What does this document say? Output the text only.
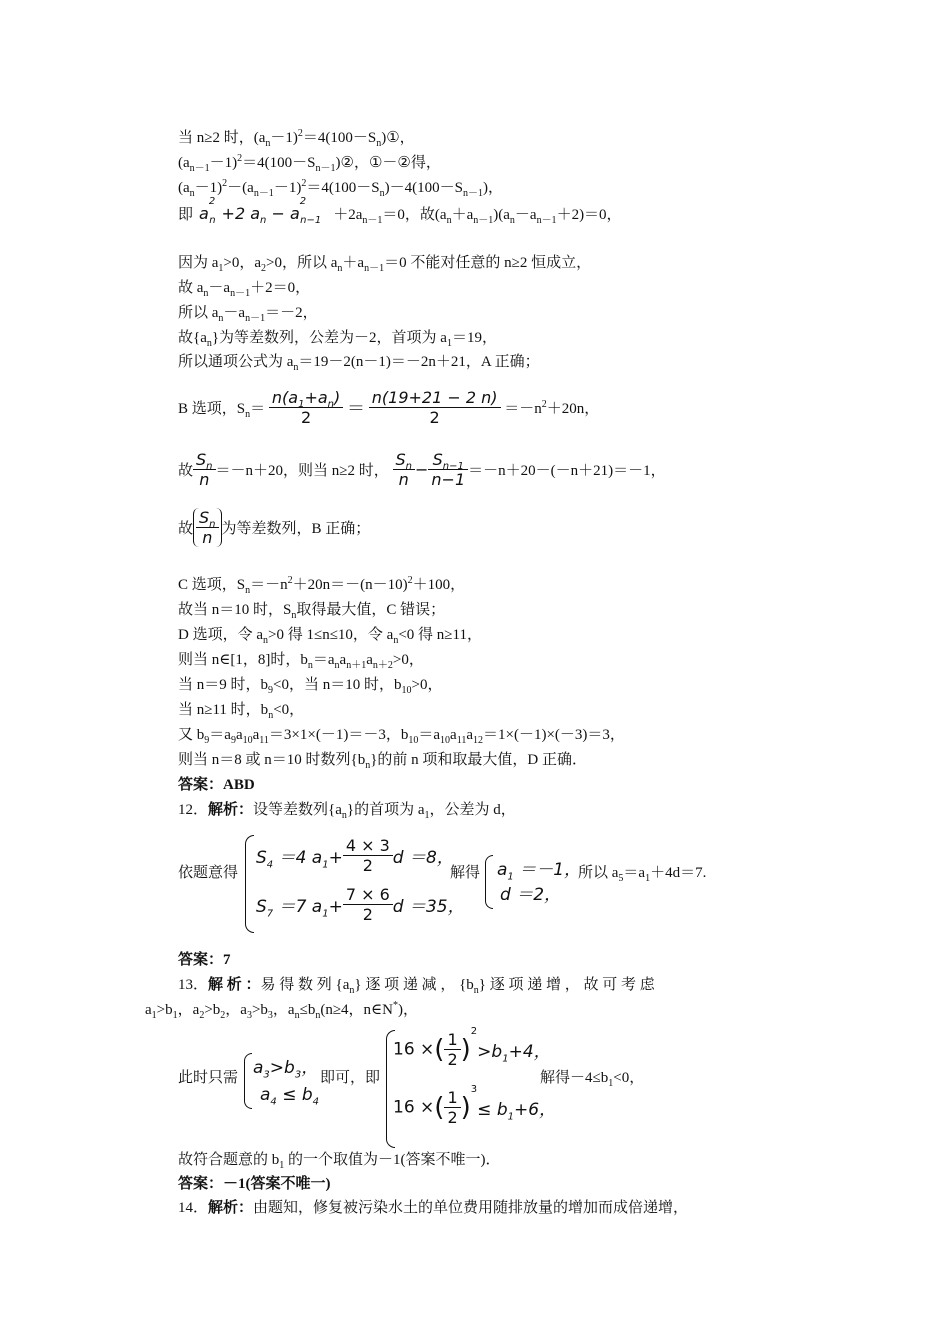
当 n≥2 时，$(a_n-1)^2=4(100-S_n)①$，
$(a_{n-1}-1)^2=4(100-S_{n-1})②$，①－②得，
$(a_n-1)^2-(a_{n-1}-1)^2=4(100-S_n)-4(100-S_{n-1})$，
即 $a^2_n +2$ $a_n - a^2_{n-1} +2a_{n-1}=0$，故$(a_n+a_{n-1})(a_n-a_{n-1}+2)=0$，
因为 $a_1>0$，$a_2>0$，所以 $a_n+a_{n-1}=0$ 不能对任意的 n≥2 恒成立，
故 $a_n-a_{n-1}+2=0$，
所以 $a_n-a_{n-1}=-2$，
故$\{a_n\}$为等差数列，公差为－2，首项为 $a_1=19$，
所以通项公式为 $a_n=19-2(n-1)=-2n+21$，A 正确；
B 选项，$S_n= \frac{n(a_1+a_n)}{2} = \frac{n(19+21 - 2 n)}{2} =-n^2+20n$，
故 $\frac{S_n}{n} =-n+20$，则当 n≥2 时， $\frac{S_n}{n} - \frac{S_{n-1}}{n-1} =-n+20-(-n+21)=-1$，
故 $\frac{S_n}{n}$ 为等差数列，B 正确；
C 选项，$S_n=-n^2+20n=-(n-10)^2+100$，
故当 n＝10 时，$S_n$取得最大值，C 错误；
D 选项，令 $a_n>0$ 得 1≤n≤10，令 $a_n<0$ 得 n≥11，
则当 n∈[1，8]时，$b_n=a_na_{n+1}a_{n+2}>0$，
当 n＝9 时，$b_9<0$，当 n＝10 时，$b_{10}>0$，
当 n≥11 时，$b_n<0$，
又 $b_9=a_9a_{10}a_{11}=3\times 1\times(-1)=-3$，$b_{10}=a_{10}a_{11}a_{12}=1\times(-1)\times(-3)=3$，
则当 n＝8 或 n＝10 时数列$\{b_n\}$的前 n 项和取最大值，D 正确．
答案：ABD
12．解析：设等差数列$\{a_n\}$的首项为 $a_1$，公差为 d，
依题意得
$S_4 =4$ $a_1+ \frac{4 \times 3}{2}$ d ＝8，
$S_7 =7$ $a_1+ \frac{7 \times 6}{2}$ d ＝35，
解得 $a_1 =-1$，
d ＝2，
所以 $a_5=a_1+4d=7$.
答案：7
13．解 析 ：易 得 数 列 $\{a_n\}$ 逐 项 递 减 ， $\{b_n\}$ 逐 项 递 增 ， 故 可 考 虑
$a_1>b_1$，$a_2>b_2$，$a_3>b_3$，$a_n\le b_n(n\ge 4$，n∈N*)，
此时只需 $a_3>b_3$，
$a_4 \le b_4$
即可，即
16 ×( $\frac{1}{2} )^2>b_1+4$，
16 ×( $\frac{1}{2} )^3\le b_1+6$，
解得$-4\le b_1<0$，
故符合题意的 $b_1$ 的一个取值为－1(答案不唯一)．
答案：－1(答案不唯一)
14．解析：由题知，修复被污染水土的单位费用随排放量的增加而成倍递增，
